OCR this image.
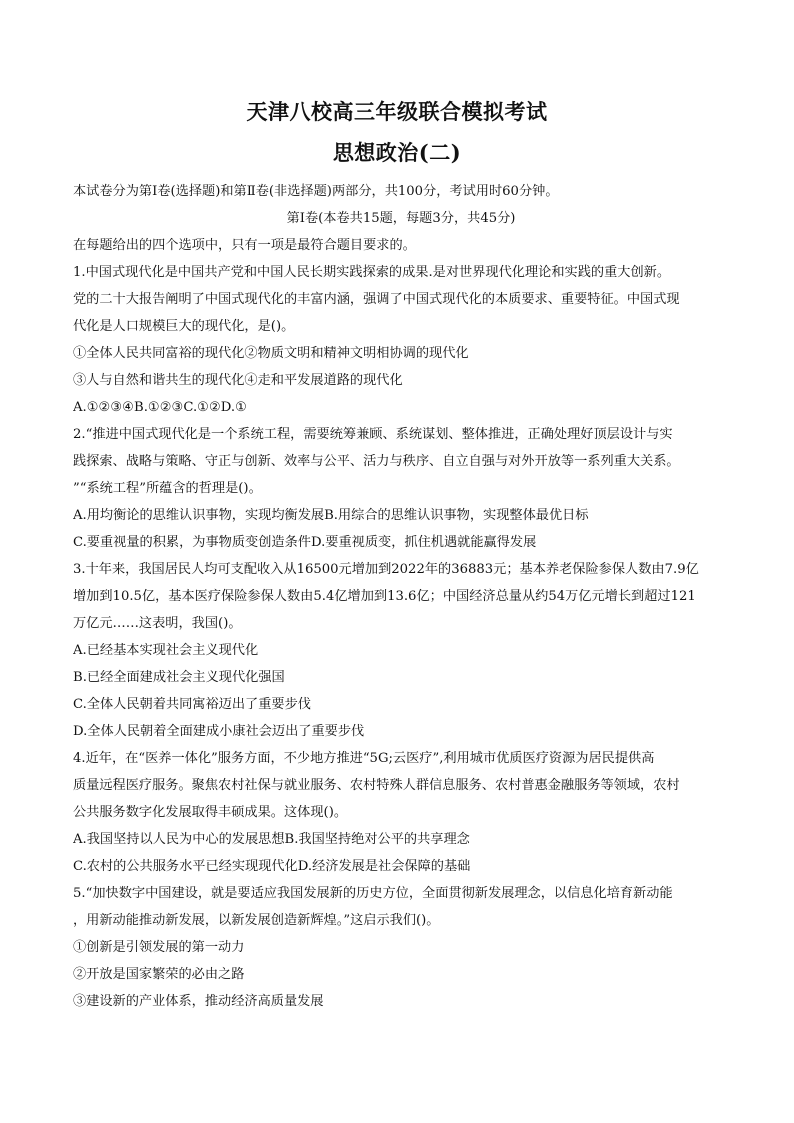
天津八校高三年级联合模拟考试
思想政治(二)
本试卷分为第I卷(选择题)和第Ⅱ卷(非选择题)两部分，共100分，考试用时60分钟。
第I卷(本卷共15题，每题3分，共45分)
在每题给出的四个选项中，只有一项是最符合题目要求的。
1.中国式现代化是中国共产党和中国人民长期实践探索的成果.是对世界现代化理论和实践的重大创新。
党的二十大报告阐明了中国式现代化的丰富内涵，强调了中国式现代化的本质要求、重要特征。中国式现
代化是人口规模巨大的现代化，是()。
①全体人民共同富裕的现代化②物质文明和精神文明相协调的现代化
③人与自然和谐共生的现代化④走和平发展道路的现代化
A.①②③④B.①②③C.①②D.①
2.“推进中国式现代化是一个系统工程，需要统筹兼顾、系统谋划、整体推进，正确处理好顶层设计与实
践探索、战略与策略、守正与创新、效率与公平、活力与秩序、自立自强与对外开放等一系列重大关系。
”“系统工程”所蕴含的哲理是()。
A.用均衡论的思维认识事物，实现均衡发展B.用综合的思维认识事物，实现整体最优日标
C.要重视量的积累，为事物质变创造条件D.要重视质变，抓住机遇就能赢得发展
3.十年来，我国居民人均可支配收入从16500元增加到2022年的36883元；基本养老保险参保人数由7.9亿
增加到10.5亿，基本医疗保险参保人数由5.4亿增加到13.6亿；中国经济总量从约54万亿元增长到超过121
万亿元……这表明，我国()。
A.已经基本实现社会主义现代化
B.已经全面建成社会主义现代化强国
C.全体人民朝着共同寓裕迈出了重要步伐
D.全体人民朝着全面建成小康社会迈出了重要步伐
4.近年，在“医养一体化”服务方面，不少地方推进“5G;云医疗”,利用城市优质医疗资源为居民提供高
质量远程医疗服务。聚焦农村社保与就业服务、农村特殊人群信息服务、农村普惠金融服务等领域，农村
公共服务数字化发展取得丰硕成果。这体现()。
A.我国坚持以人民为中心的发展思想B.我国坚持绝对公平的共享理念
C.农村的公共服务水平已经实现现代化D.经济发展是社会保障的基础
5.“加快数字中国建设，就是要适应我国发展新的历史方位，全面贯彻新发展理念，以信息化培育新动能
，用新动能推动新发展，以新发展创造新辉煌。”这启示我们()。
①创新是引领发展的第一动力
②开放是国家繁荣的必由之路
③建设新的产业体系，推动经济高质量发展
